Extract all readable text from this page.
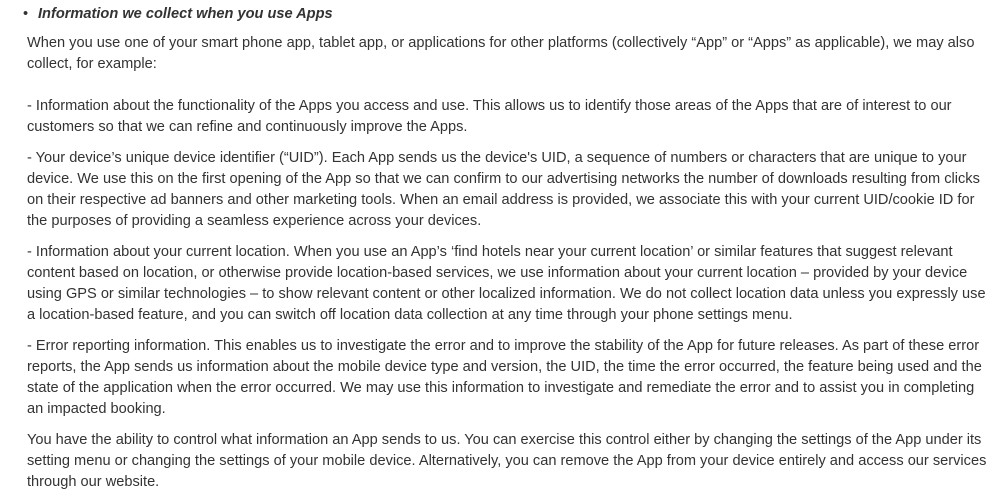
• Information we collect when you use Apps

When you use one of your smart phone app, tablet app, or applications for other platforms (collectively “App” or “Apps” as applicable), we may also collect, for example:

- Information about the functionality of the Apps you access and use. This allows us to identify those areas of the Apps that are of interest to our customers so that we can refine and continuously improve the Apps.

- Your device’s unique device identifier (“UID”). Each App sends us the device's UID, a sequence of numbers or characters that are unique to your device. We use this on the first opening of the App so that we can confirm to our advertising networks the number of downloads resulting from clicks on their respective ad banners and other marketing tools. When an email address is provided, we associate this with your current UID/cookie ID for the purposes of providing a seamless experience across your devices.

- Information about your current location. When you use an App’s ‘find hotels near your current location’ or similar features that suggest relevant content based on location, or otherwise provide location-based services, we use information about your current location – provided by your device using GPS or similar technologies – to show relevant content or other localized information. We do not collect location data unless you expressly use a location-based feature, and you can switch off location data collection at any time through your phone settings menu.

- Error reporting information. This enables us to investigate the error and to improve the stability of the App for future releases. As part of these error reports, the App sends us information about the mobile device type and version, the UID, the time the error occurred, the feature being used and the state of the application when the error occurred. We may use this information to investigate and remediate the error and to assist you in completing an impacted booking.

You have the ability to control what information an App sends to us. You can exercise this control either by changing the settings of the App under its setting menu or changing the settings of your mobile device. Alternatively, you can remove the App from your device entirely and access our services through our website.
